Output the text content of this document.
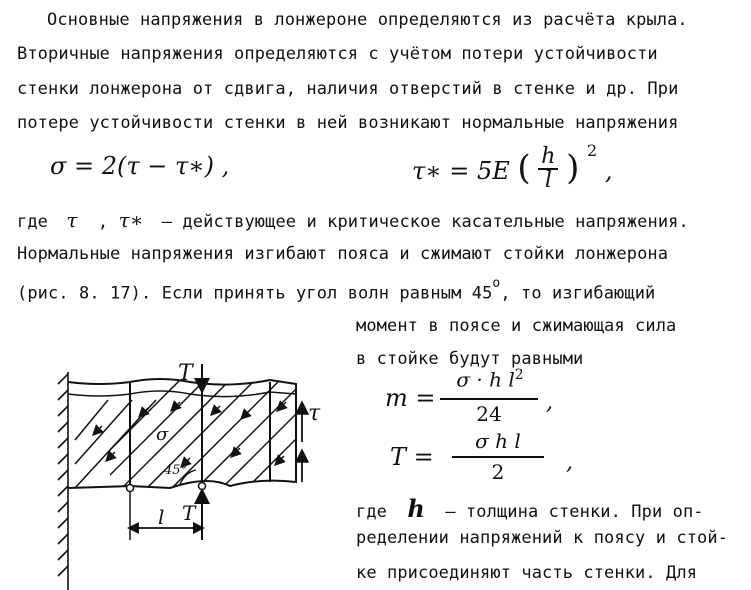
Основные напряжения в лонжероне определяются из расчёта крыла.
Вторичные напряжения определяются с учётом потери устойчивости
стенки лонжерона от сдвига, наличия отверстий в стенке и др. При
потере устойчивости стенки в ней возникают нормальные напряжения
σ = 2(τ − τ∗) ,	τ∗ = 5E ( $\frac{h}{l}$ ) $^2$ ,
где τ , τ∗ – действующее и критическое касательные напряжения.
Нормальные напряжения изгибают пояса и сжимают стойки лонжерона
(рис. 8. 17). Если принять угол волн равным 45$^o$, то изгибающий
момент в поясе и сжимающая сила
в стойке будут равными
m =
σ · h $l^2$
24	,
T =
σ h l
2	,
где h – толщина стенки. При оп-
ределении напряжений к поясу и стой-
ке присоединяют часть стенки. Для
T
σ
45°
τ
l T
